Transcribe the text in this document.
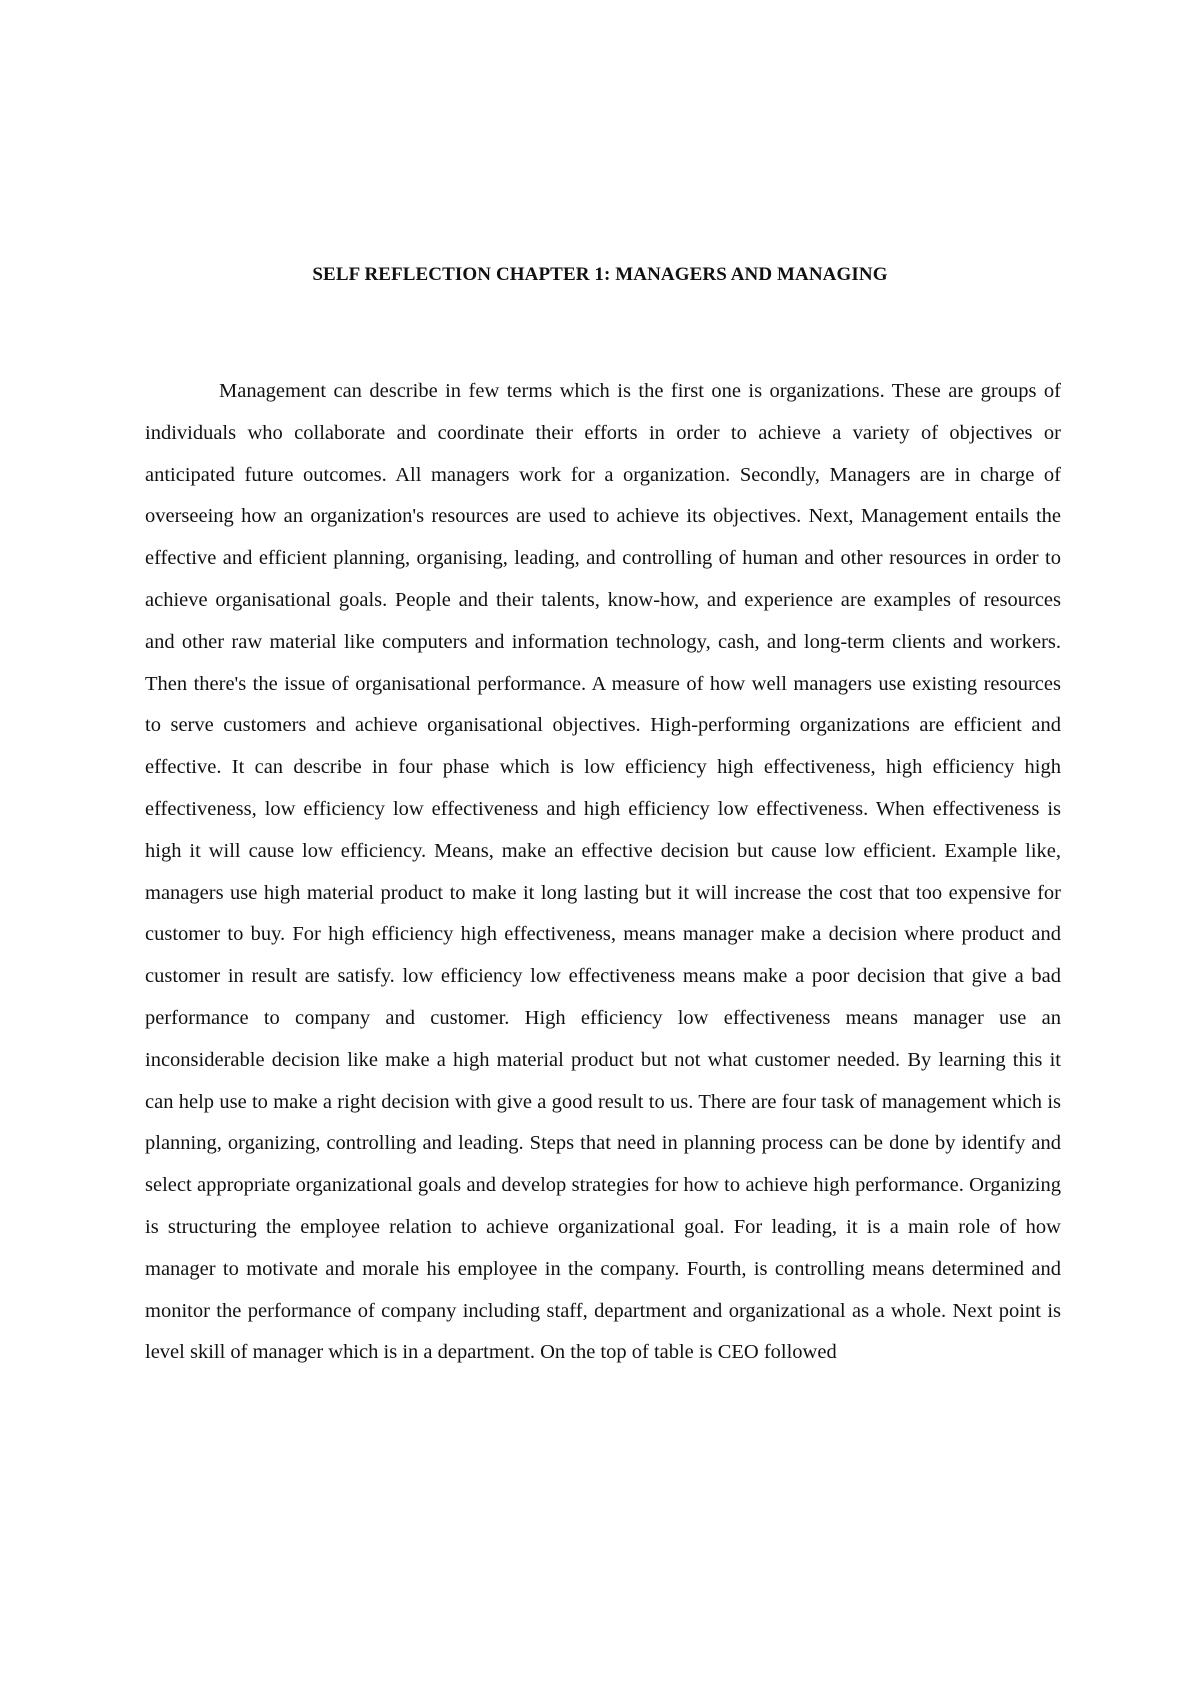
SELF REFLECTION CHAPTER 1: MANAGERS AND MANAGING

Management can describe in few terms which is the first one is organizations. These are groups of individuals who collaborate and coordinate their efforts in order to achieve a variety of objectives or anticipated future outcomes. All managers work for a organization. Secondly, Managers are in charge of overseeing how an organization's resources are used to achieve its objectives. Next, Management entails the effective and efficient planning, organising, leading, and controlling of human and other resources in order to achieve organisational goals. People and their talents, know-how, and experience are examples of resources and other raw material like computers and information technology, cash, and long-term clients and workers. Then there's the issue of organisational performance. A measure of how well managers use existing resources to serve customers and achieve organisational objectives. High-performing organizations are efficient and effective. It can describe in four phase which is low efficiency high effectiveness, high efficiency high effectiveness, low efficiency low effectiveness and high efficiency low effectiveness. When effectiveness is high it will cause low efficiency. Means, make an effective decision but cause low efficient. Example like, managers use high material product to make it long lasting but it will increase the cost that too expensive for customer to buy. For high efficiency high effectiveness, means manager make a decision where product and customer in result are satisfy. low efficiency low effectiveness means make a poor decision that give a bad performance to company and customer. High efficiency low effectiveness means manager use an inconsiderable decision like make a high material product but not what customer needed. By learning this it can help use to make a right decision with give a good result to us. There are four task of management which is planning, organizing, controlling and leading. Steps that need in planning process can be done by identify and select appropriate organizational goals and develop strategies for how to achieve high performance. Organizing is structuring the employee relation to achieve organizational goal. For leading, it is a main role of how manager to motivate and morale his employee in the company. Fourth, is controlling means determined and monitor the performance of company including staff, department and organizational as a whole. Next point is level skill of manager which is in a department. On the top of table is CEO followed
